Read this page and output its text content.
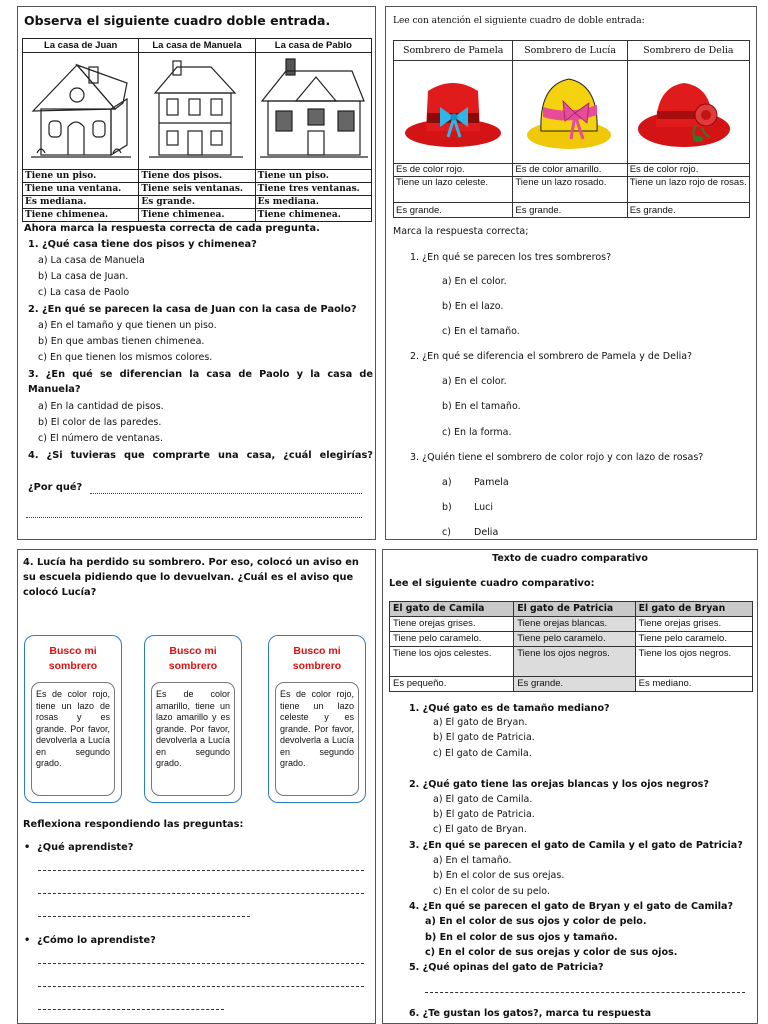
Observa el siguiente cuadro doble entrada.
La casa de Juan	La casa de Manuela	La casa de Pablo

Tiene un piso.	Tiene dos pisos.	Tiene un piso.
Tiene una ventana.	Tiene seis ventanas.	Tiene tres ventanas.
Es mediana.	Es grande.	Es mediana.
Tiene chimenea.	Tiene chimenea.	Tiene chimenea.
Ahora marca la respuesta correcta de cada pregunta.
1. ¿Qué casa tiene dos pisos y chimenea?
a) La casa de Manuela
b) La casa de Juan.
c) La casa de Paolo
2. ¿En qué se parecen la casa de Juan con la casa de Paolo?
a) En el tamaño y que tienen un piso.
b) En que ambas tienen chimenea.
c) En que tienen los mismos colores.
3. ¿En qué se diferencian la casa de Paolo y la casa de
Manuela?
a) En la cantidad de pisos.
b) El color de las paredes.
c) El número de ventanas.
4. ¿Si tuvieras que comprarte una casa, ¿cuál elegirías?
¿Por qué?
Lee con atención el siguiente cuadro de doble entrada:
Sombrero de Pamela	Sombrero de Lucía	Sombrero de Delia

Es de color rojo.	Es de color amarillo.	Es de color rojo.
Tiene un lazo celeste.	Tiene un lazo rosado.	Tiene un lazo rojo de rosas.
Es grande.	Es grande.	Es grande.
Marca la respuesta correcta;
1. ¿En qué se parecen los tres sombreros?
a) En el color.
b) En el lazo.
c) En el tamaño.
2. ¿En qué se diferencia el sombrero de Pamela y de Delia?
a) En el color.
b) En el tamaño.
c) En la forma.
3. ¿Quién tiene el sombrero de color rojo y con lazo de rosas?
a) Pamela
b) Luci
c) Delia
4. Lucía ha perdido su sombrero. Por eso, colocó un aviso en su escuela pidiendo que lo devuelvan. ¿Cuál es el aviso que colocó Lucía?
Busco mi
sombrero
Es de color rojo, tiene un lazo de rosas y es grande. Por favor, devolverla a Lucía en segundo grado.
Busco mi
sombrero
Es de color amarillo, tiene un lazo amarillo y es grande. Por favor, devolverla a Lucía en segundo grado.
Busco mi
sombrero
Es de color rojo, tiene un lazo celeste y es grande. Por favor, devolverla a Lucía en segundo grado.
Reflexiona respondiendo las preguntas:
•  ¿Qué aprendiste?
•  ¿Cómo lo aprendiste?
Texto de cuadro comparativo
Lee el siguiente cuadro comparativo:
El gato de Camila	El gato de Patricia	El gato de Bryan
Tiene orejas grises.	Tiene orejas blancas.	Tiene orejas grises.
Tiene pelo caramelo.	Tiene pelo caramelo.	Tiene pelo caramelo.
Tiene los ojos celestes.	Tiene los ojos negros.	Tiene los ojos negros.
Es pequeño.	Es grande.	Es mediano.
1. ¿Qué gato es de tamaño mediano?
a) El gato de Bryan.
b) El gato de Patricia.
c) El gato de Camila.
2. ¿Qué gato tiene las orejas blancas y los ojos negros?
a) El gato de Camila.
b) El gato de Patricia.
c) El gato de Bryan.
3. ¿En qué se parecen el gato de Camila y el gato de Patricia?
a) En el tamaño.
b) En el color de sus orejas.
c) En el color de su pelo.
4. ¿En qué se parecen el gato de Bryan y el gato de Camila?
a) En el color de sus ojos y color de pelo.
b) En el color de sus ojos y tamaño.
c) En el color de sus orejas y color de sus ojos.
5. ¿Qué opinas del gato de Patricia?
6. ¿Te gustan los gatos?, marca tu respuesta
